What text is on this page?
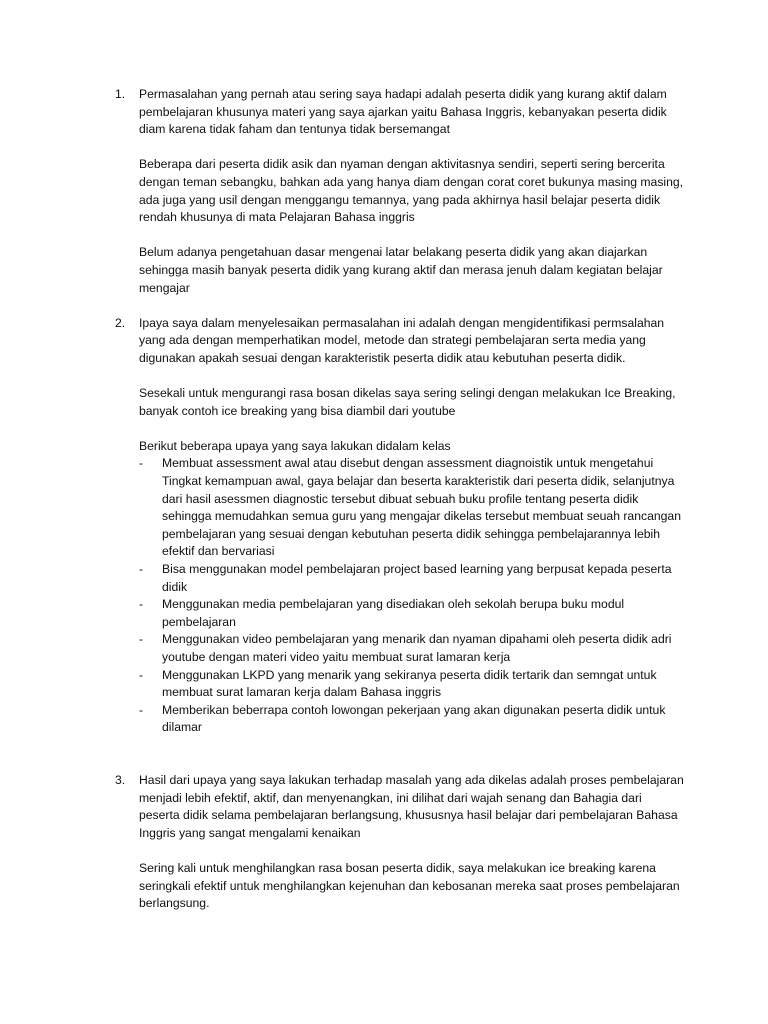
1.	Permasalahan yang pernah atau sering saya hadapi adalah peserta didik yang kurang aktif dalam pembelajaran khusunya materi yang saya ajarkan yaitu Bahasa Inggris, kebanyakan peserta didik diam karena tidak faham dan tentunya tidak bersemangat

Beberapa dari peserta didik asik dan nyaman dengan aktivitasnya sendiri, seperti sering bercerita dengan teman sebangku, bahkan ada yang hanya diam dengan corat coret bukunya masing masing, ada juga yang usil dengan menggangu temannya, yang pada akhirnya hasil belajar peserta didik rendah khusunya di mata Pelajaran Bahasa inggris

Belum adanya pengetahuan dasar mengenai latar belakang peserta didik yang akan diajarkan sehingga masih banyak peserta didik yang kurang aktif dan merasa jenuh dalam kegiatan belajar mengajar

2.	Ipaya saya dalam menyelesaikan permasalahan ini adalah dengan mengidentifikasi permsalahan yang ada dengan memperhatikan model, metode dan strategi pembelajaran serta media yang digunakan apakah sesuai dengan karakteristik peserta didik atau kebutuhan peserta didik.

Sesekali untuk mengurangi rasa bosan dikelas saya sering selingi dengan melakukan Ice Breaking, banyak contoh ice breaking yang bisa diambil dari youtube

Berikut beberapa upaya yang saya lakukan didalam kelas

- Membuat assessment awal atau disebut dengan assessment diagnoistik untuk mengetahui Tingkat kemampuan awal, gaya belajar dan beserta karakteristik dari peserta didik, selanjutnya dari hasil asessmen diagnostic tersebut dibuat sebuah buku profile tentang peserta didik sehingga memudahkan semua guru yang mengajar dikelas tersebut membuat seuah rancangan pembelajaran yang sesuai dengan kebutuhan peserta didik sehingga pembelajarannya lebih efektif dan bervariasi
- Bisa menggunakan model pembelajaran project based learning yang berpusat kepada peserta didik
- Menggunakan media pembelajaran yang disediakan oleh sekolah berupa buku modul pembelajaran
- Menggunakan video pembelajaran yang menarik dan nyaman dipahami oleh peserta didik adri youtube dengan materi video yaitu membuat surat lamaran kerja
- Menggunakan LKPD yang menarik yang sekiranya peserta didik tertarik dan semngat untuk membuat surat lamaran kerja dalam Bahasa inggris
- Memberikan beberrapa contoh lowongan pekerjaan yang akan digunakan peserta didik untuk dilamar
3.	Hasil dari upaya yang saya lakukan terhadap masalah yang ada dikelas adalah proses pembelajaran menjadi lebih efektif, aktif, dan menyenangkan, ini dilihat dari wajah senang dan Bahagia dari peserta didik selama pembelajaran berlangsung, khususnya hasil belajar dari pembelajaran Bahasa Inggris yang sangat mengalami kenaikan

Sering kali untuk menghilangkan rasa bosan peserta didik, saya melakukan ice breaking karena seringkali efektif untuk menghilangkan kejenuhan dan kebosanan mereka saat proses pembelajaran berlangsung.
